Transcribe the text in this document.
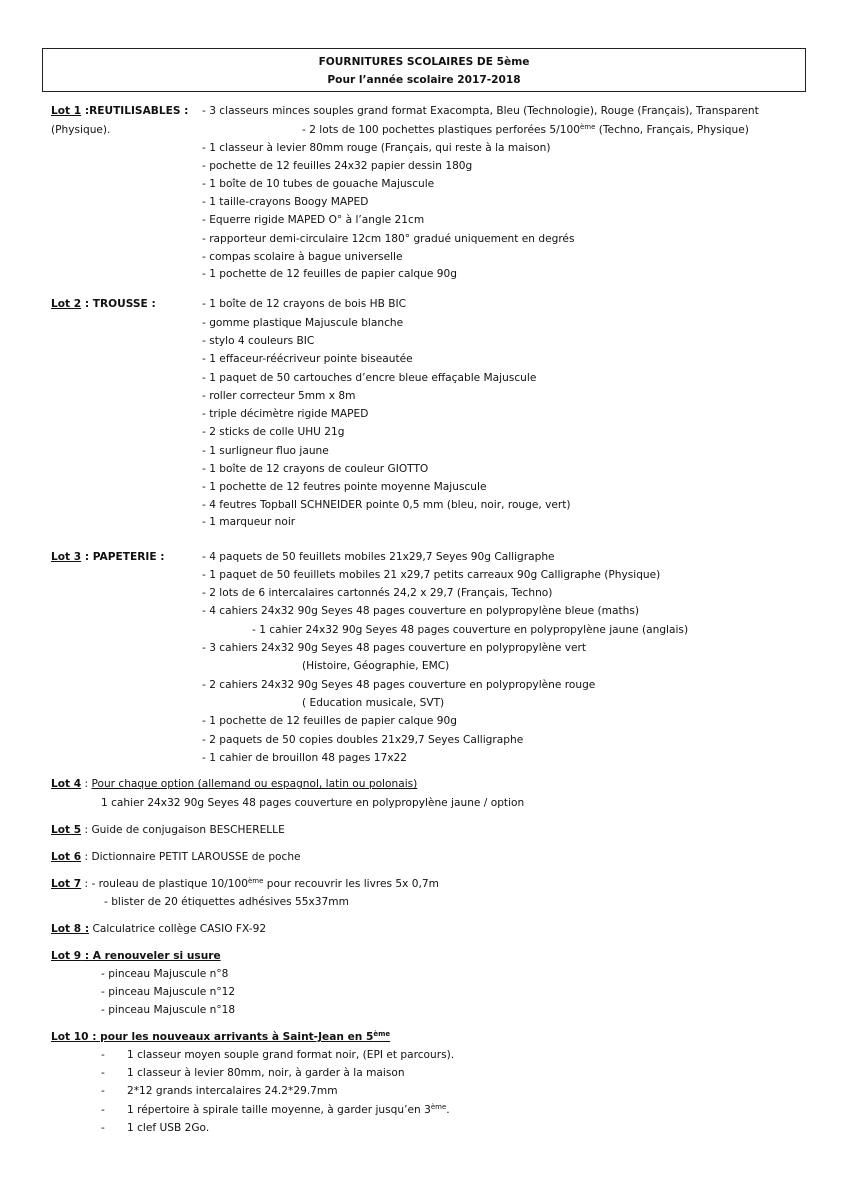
FOURNITURES SCOLAIRES DE 5ème
Pour l’année scolaire 2017-2018
Lot 1 :REUTILISABLES : - 3 classeurs minces souples grand format Exacompta, Bleu (Technologie), Rouge (Français), Transparent
(Physique).	- 2 lots de 100 pochettes plastiques perforées 5/100ème (Techno, Français, Physique)
- 1 classeur à levier 80mm rouge (Français, qui reste à la maison)
- pochette de 12 feuilles 24x32 papier dessin 180g
- 1 boîte de 10 tubes de gouache Majuscule
- 1 taille-crayons Boogy MAPED
- Equerre rigide MAPED O° à l’angle 21cm
- rapporteur demi-circulaire 12cm 180° gradué uniquement en degrés
- compas scolaire à bague universelle
- 1 pochette de 12 feuilles de papier calque 90g
Lot 2 : TROUSSE :	- 1 boîte de 12 crayons de bois HB BIC
- gomme plastique Majuscule blanche
- stylo 4 couleurs BIC
- 1 effaceur-réécriveur pointe biseautée
- 1 paquet de 50 cartouches d’encre bleue effaçable Majuscule
- roller correcteur 5mm x 8m
- triple décimètre rigide MAPED
- 2 sticks de colle UHU 21g
- 1 surligneur fluo jaune
- 1 boîte de 12 crayons de couleur GIOTTO
- 1 pochette de 12 feutres pointe moyenne Majuscule
- 4 feutres Topball SCHNEIDER pointe 0,5 mm (bleu, noir, rouge, vert)
- 1 marqueur noir
Lot 3 : PAPETERIE :	- 4 paquets de 50 feuillets mobiles 21x29,7 Seyes 90g Calligraphe
- 1 paquet de 50 feuillets mobiles 21 x29,7 petits carreaux 90g Calligraphe (Physique)
- 2 lots de 6 intercalaires cartonnés 24,2 x 29,7 (Français, Techno)
- 4 cahiers 24x32 90g Seyes 48 pages couverture en polypropylène bleue (maths)
- 1 cahier 24x32 90g Seyes 48 pages couverture en polypropylène jaune (anglais)
- 3 cahiers 24x32 90g Seyes 48 pages couverture en polypropylène vert
(Histoire, Géographie, EMC)
- 2 cahiers 24x32 90g Seyes 48 pages couverture en polypropylène rouge
( Education musicale, SVT)
- 1 pochette de 12 feuilles de papier calque 90g
- 2 paquets de 50 copies doubles 21x29,7 Seyes Calligraphe
- 1 cahier de brouillon 48 pages 17x22
Lot 4 : Pour chaque option (allemand ou espagnol, latin ou polonais)
1 cahier 24x32 90g Seyes 48 pages couverture en polypropylène jaune / option
Lot 5 : Guide de conjugaison BESCHERELLE
Lot 6 : Dictionnaire PETIT LAROUSSE de poche
Lot 7 : - rouleau de plastique 10/100ème pour recouvrir les livres 5x 0,7m
- blister de 20 étiquettes adhésives 55x37mm
Lot 8 : Calculatrice collège CASIO FX-92
Lot 9 : A renouveler si usure
- pinceau Majuscule n°8
- pinceau Majuscule n°12
- pinceau Majuscule n°18
Lot 10 : pour les nouveaux arrivants à Saint-Jean en 5ème
- 1 classeur moyen souple grand format noir, (EPI et parcours).
- 1 classeur à levier 80mm, noir, à garder à la maison
- 2*12 grands intercalaires 24.2*29.7mm
- 1 répertoire à spirale taille moyenne, à garder jusqu’en 3ème.
- 1 clef USB 2Go.
